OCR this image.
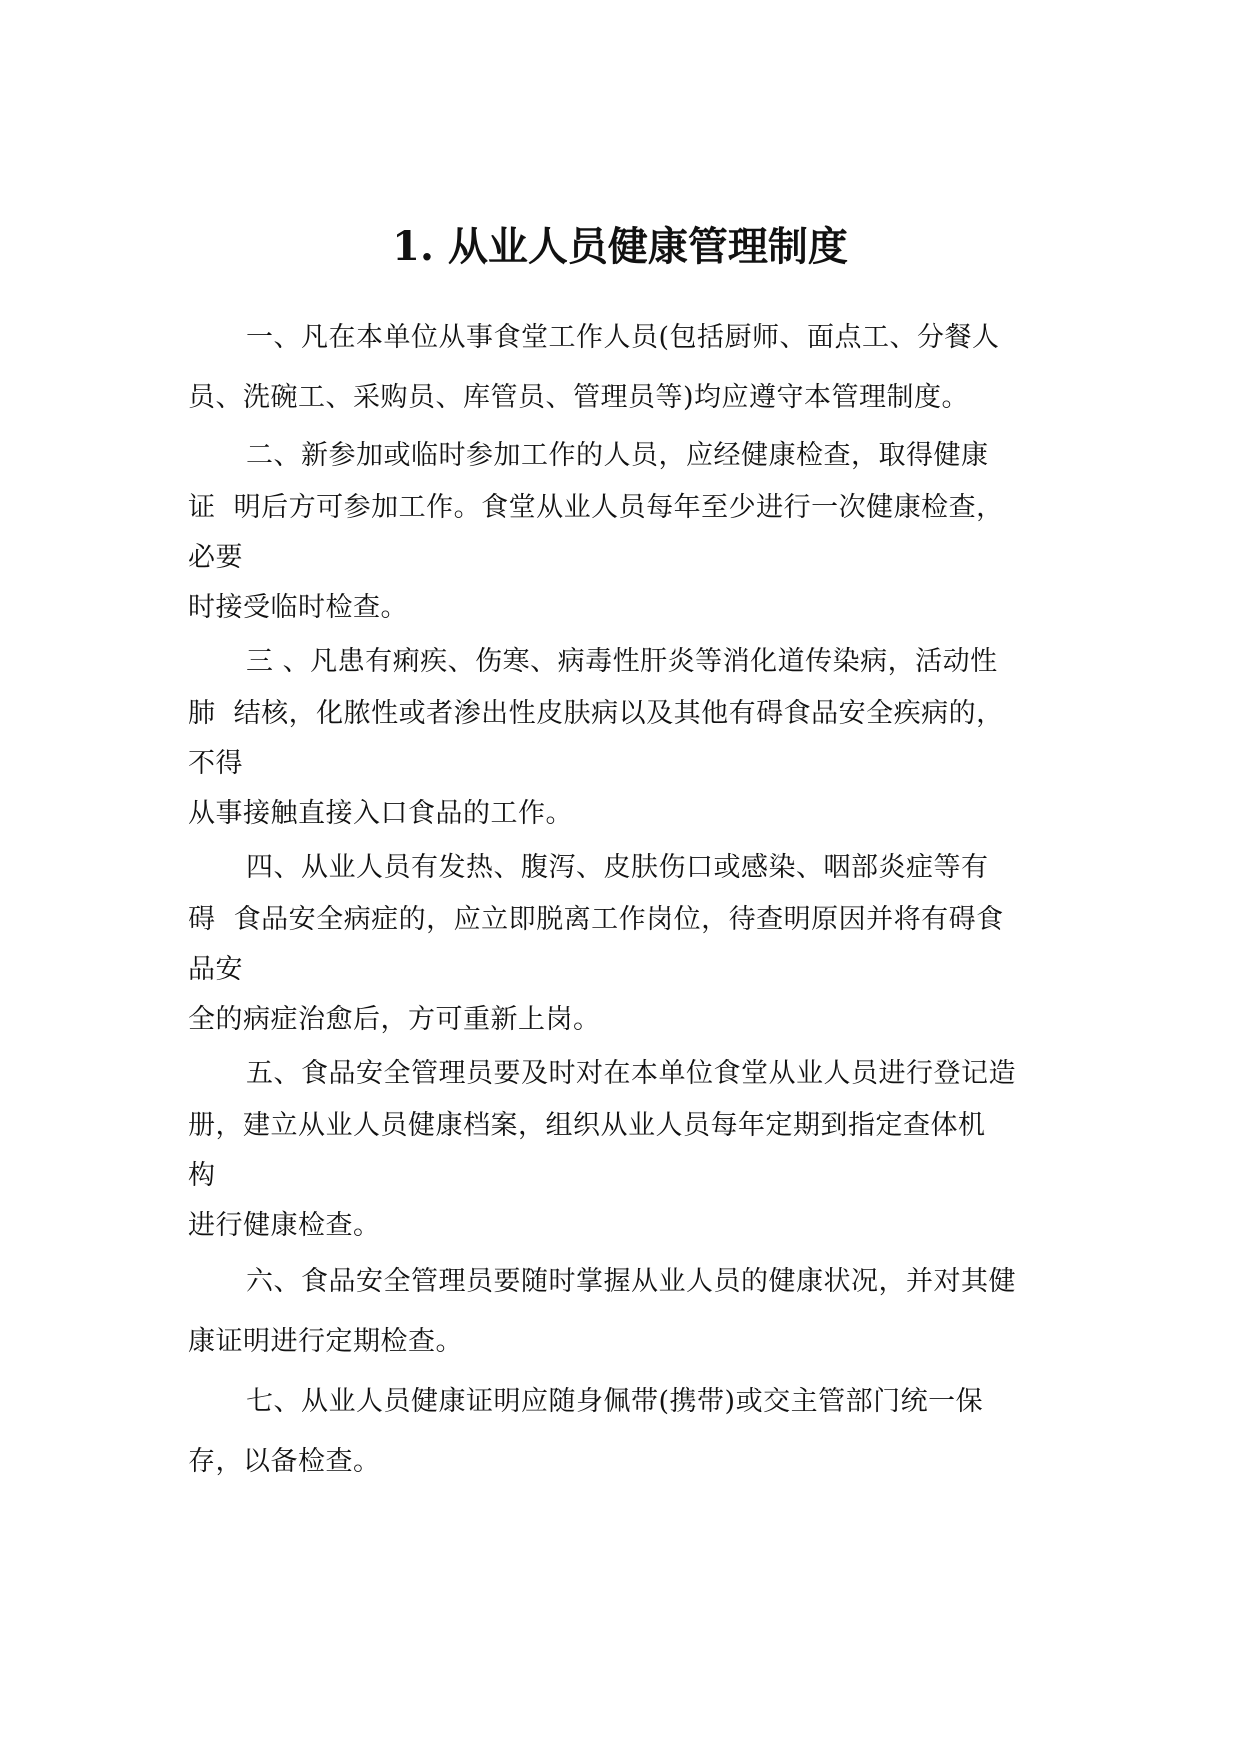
1. 从业人员健康管理制度
一、凡在本单位从事食堂工作人员(包括厨师、面点工、分餐人
员、洗碗工、采购员、库管员、管理员等)均应遵守本管理制度。
二、新参加或临时参加工作的人员，应经健康检查，取得健康
证  明后方可参加工作。食堂从业人员每年至少进行一次健康检查，
必要
时接受临时检查。
三 、凡患有痢疾、伤寒、病毒性肝炎等消化道传染病，活动性
肺  结核，化脓性或者渗出性皮肤病以及其他有碍食品安全疾病的，
不得
从事接触直接入口食品的工作。
四、从业人员有发热、腹泻、皮肤伤口或感染、咽部炎症等有
碍  食品安全病症的，应立即脱离工作岗位，待查明原因并将有碍食
品安
全的病症治愈后，方可重新上岗。
五、食品安全管理员要及时对在本单位食堂从业人员进行登记造
册，建立从业人员健康档案，组织从业人员每年定期到指定查体机
构
进行健康检查。
六、食品安全管理员要随时掌握从业人员的健康状况，并对其健
康证明进行定期检查。
七、从业人员健康证明应随身佩带(携带)或交主管部门统一保
存，以备检查。
